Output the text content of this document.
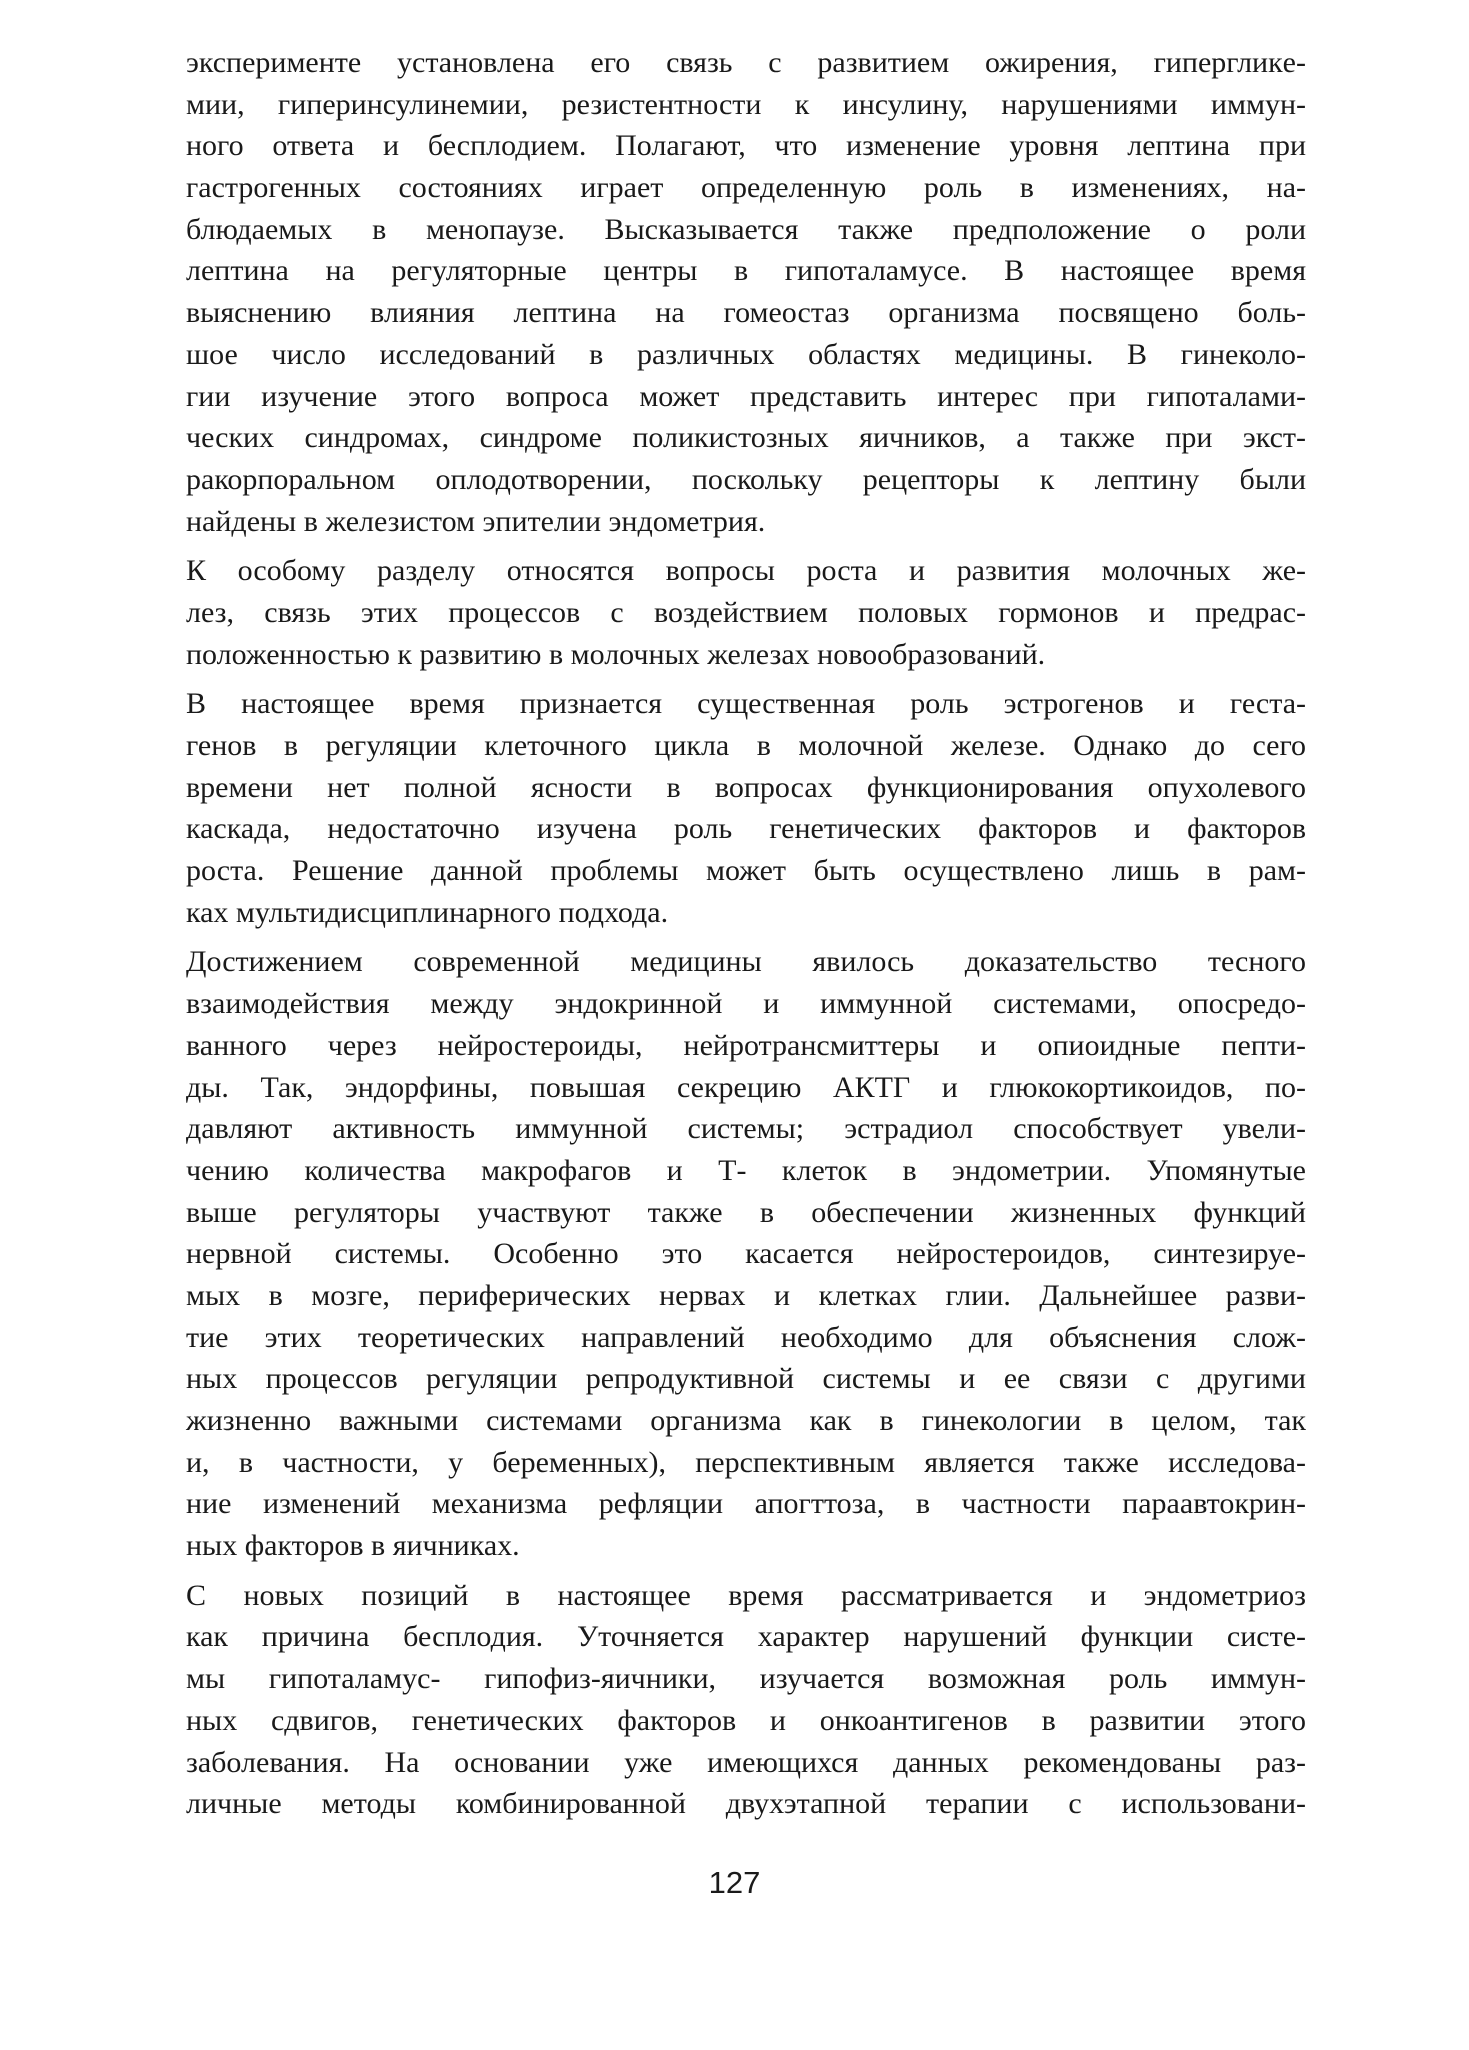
эксперименте установлена его связь с развитием ожирения, гипергликe-
мии, гиперинсулинемии, резистентности к инсулину, нарушениями иммун-
ного ответа и бесплодием. Полагают, что изменение уровня лептина при
гастрогенных состояниях играет определенную роль в изменениях, на-
блюдаемых в менопаузе. Высказывается также предположение о роли
лептина на регуляторные центры в гипоталамусе. В настоящее время
выяснению влияния лептина на гомеостаз организма посвящено боль-
шое число исследований в различных областях медицины. В гинеколо-
гии изучение этого вопроса может представить интерес при гипоталами-
ческих синдромах, синдроме поликистозных яичников, а также при экст-
ракорпоральном оплодотворении, поскольку рецепторы к лептину были
найдены в железистом эпителии эндометрия.
К особому разделу относятся вопросы роста и развития молочных же-
лез, связь этих процессов с воздействием половых гормонов и предрас-
положенностью к развитию в молочных железах новообразований.
В настоящее время признается существенная роль эстрогенов и геста-
генов в регуляции клеточного цикла в молочной железе. Однако до сего
времени нет полной ясности в вопросах функционирования опухолевого
каскада, недостаточно изучена роль генетических факторов и факторов
роста. Решение данной проблемы может быть осуществлено лишь в рам-
ках мультидисциплинарного подхода.
Достижением современной медицины явилось доказательство тесного
взаимодействия между эндокринной и иммунной системами, опосредо-
ванного через нейростероиды, нейротрансмиттеры и опиоидные пепти-
ды. Так, эндорфины, повышая секрецию АКТГ и глюкокортикоидов, по-
давляют активность иммунной системы; эстрадиол способствует увели-
чению количества макрофагов и Т- клеток в эндометрии. Упомянутые
выше регуляторы участвуют также в обеспечении жизненных функций
нервной системы. Особенно это касается нейростероидов, синтезируе-
мых в мозге, периферических нервах и клетках глии. Дальнейшее разви-
тие этих теоретических направлений необходимо для объяснения слож-
ных процессов регуляции репродуктивной системы и ее связи с другими
жизненно важными системами организма как в гинекологии в целом, так
и, в частности, у беременных), перспективным является также исследова-
ние изменений механизма рефляции апогттоза, в частности параавтокрин-
ных факторов в яичниках.
С новых позиций в настоящее время рассматривается и эндометриоз
как причина бесплодия. Уточняется характер нарушений функции систе-
мы гипоталамус- гипофиз-яичники, изучается возможная роль иммун-
ных сдвигов, генетических факторов и онкоантигенов в развитии этого
заболевания. На основании уже имеющихся данных рекомендованы раз-
личные методы комбинированной двухэтапной терапии с использовани-
127
